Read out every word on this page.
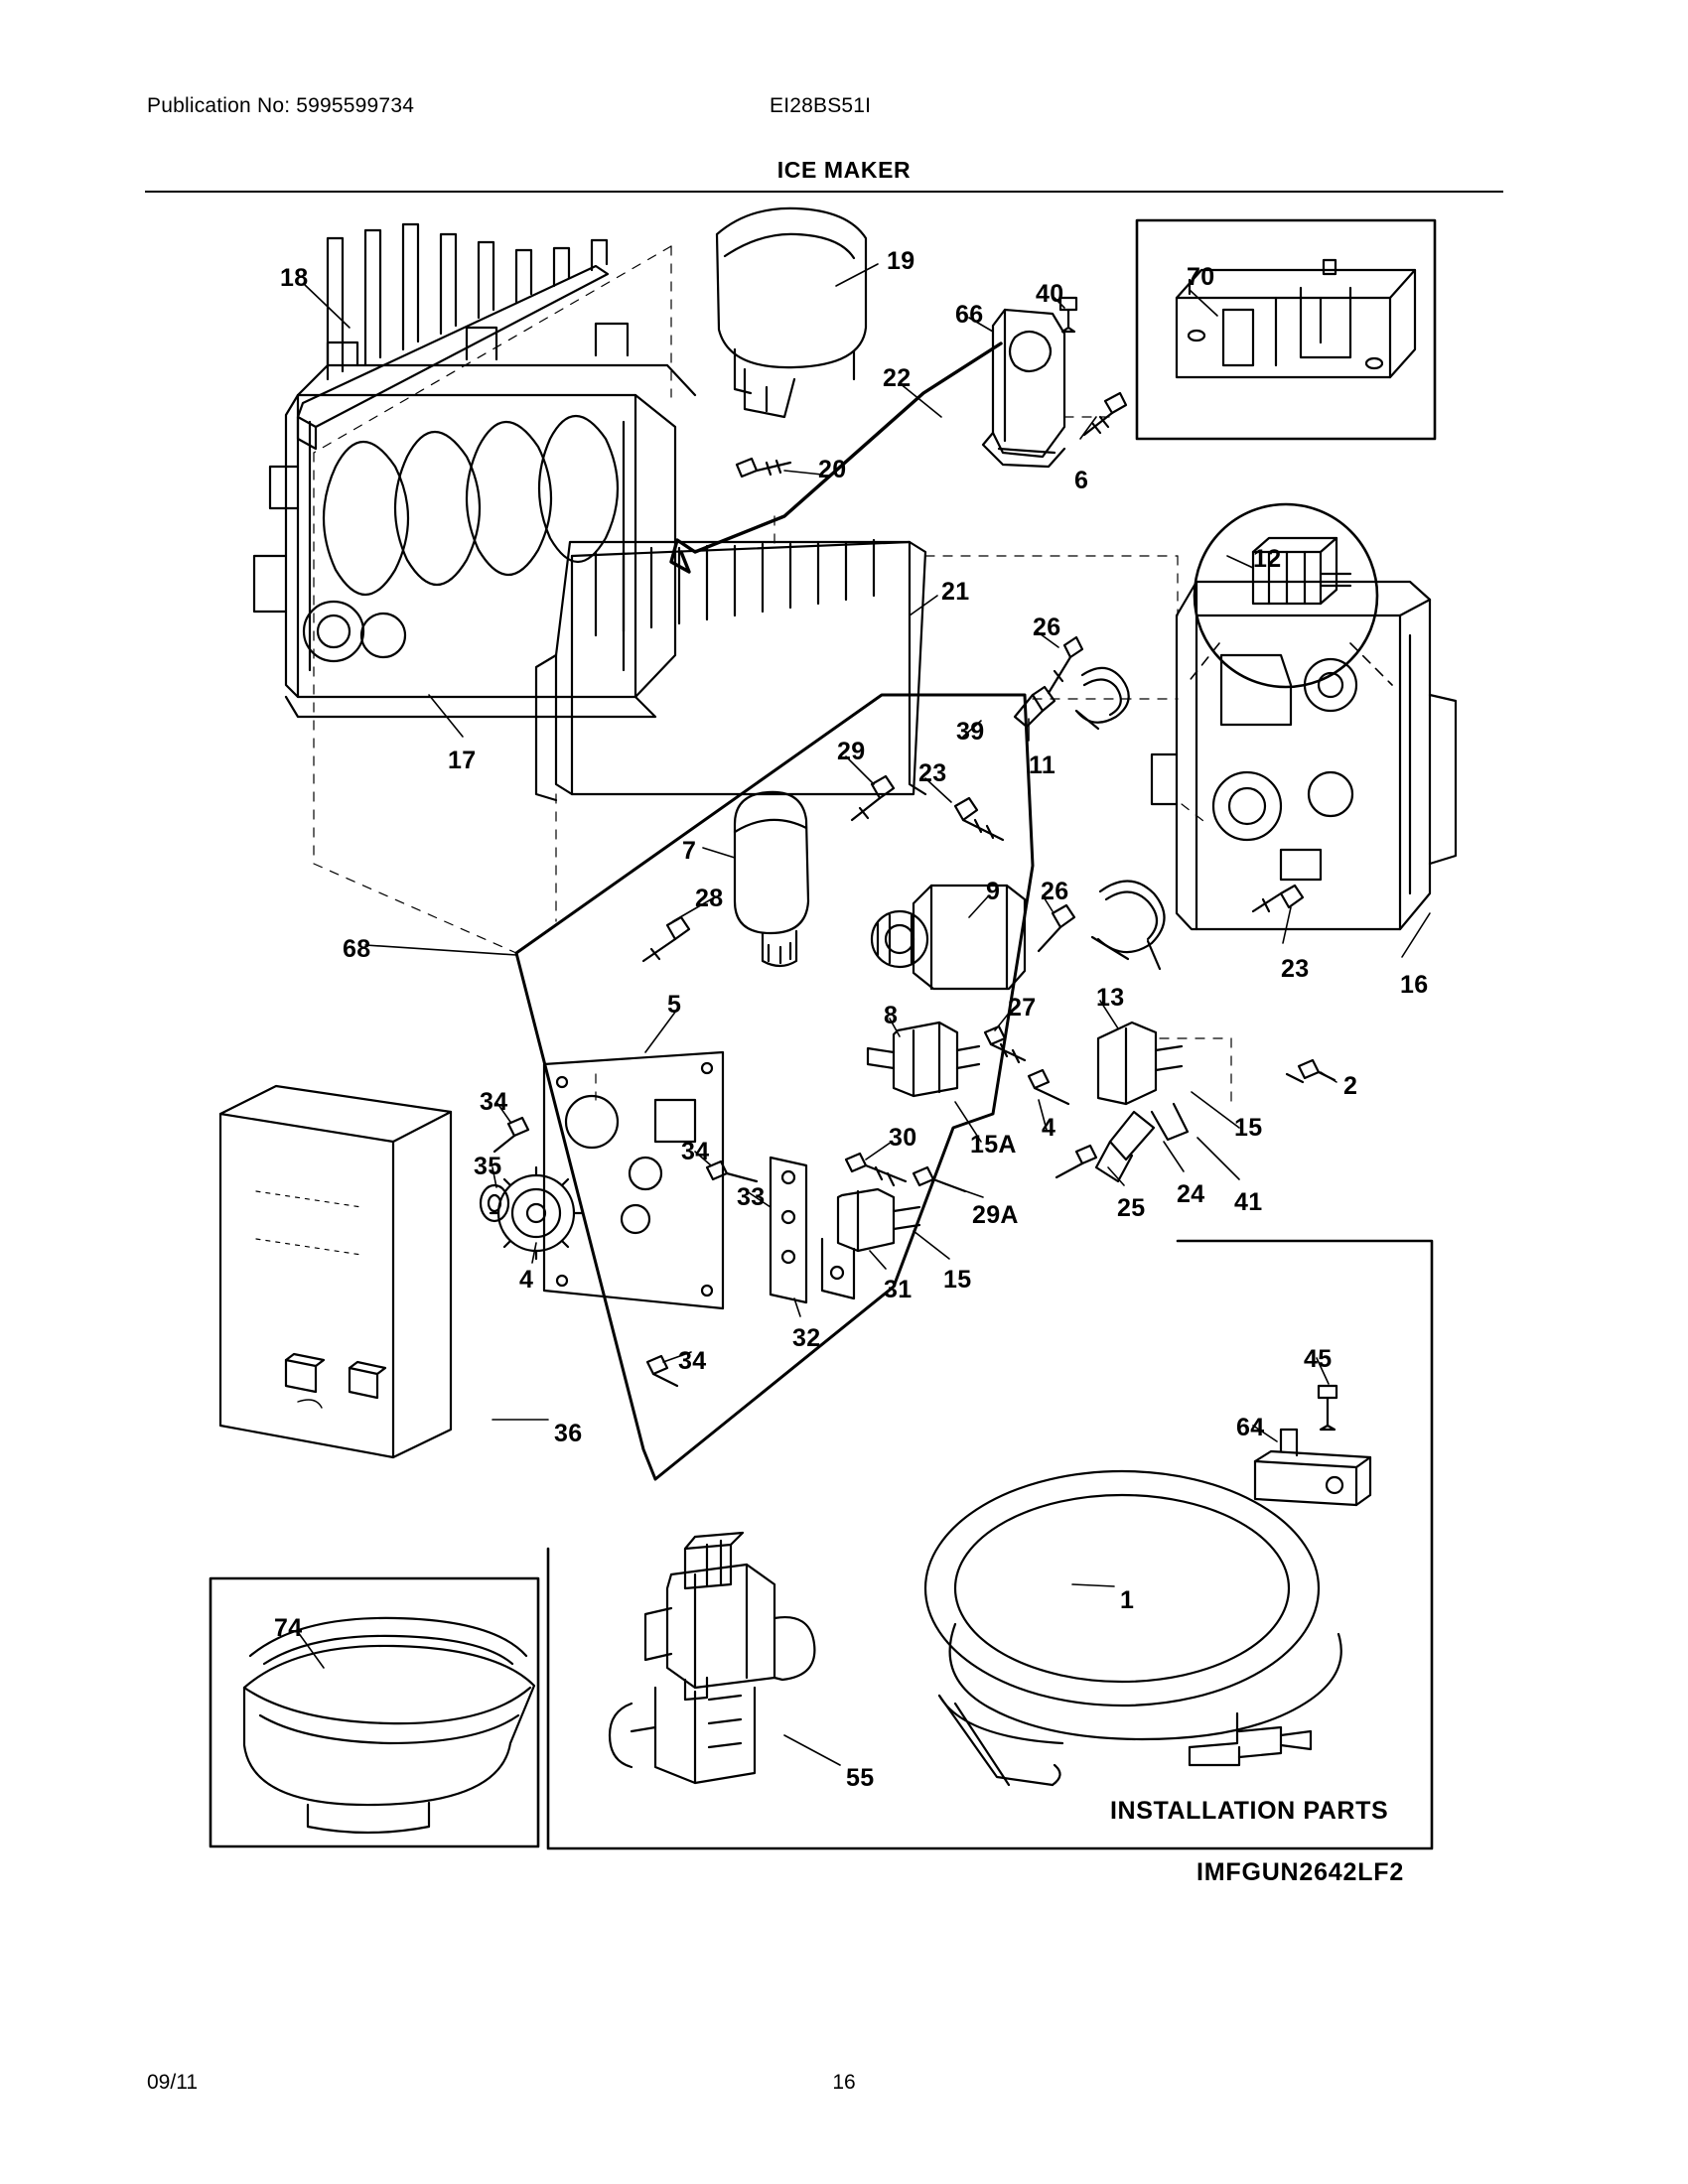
Publication No: 5995599734	EI28BS51I
ICE MAKER
18
19
66
40
70
22
20	6
21
12
26
17
39
11
29
23
7
9 26
28
23
16
68
5	8	27 13
2
34
35
30 15A
4	15
34
33	25 24 41
29A
4	31 15
32
34	45
64
36
1
74
55
INSTALLATION PARTS
IMFGUN2642LF2
09/11	16
